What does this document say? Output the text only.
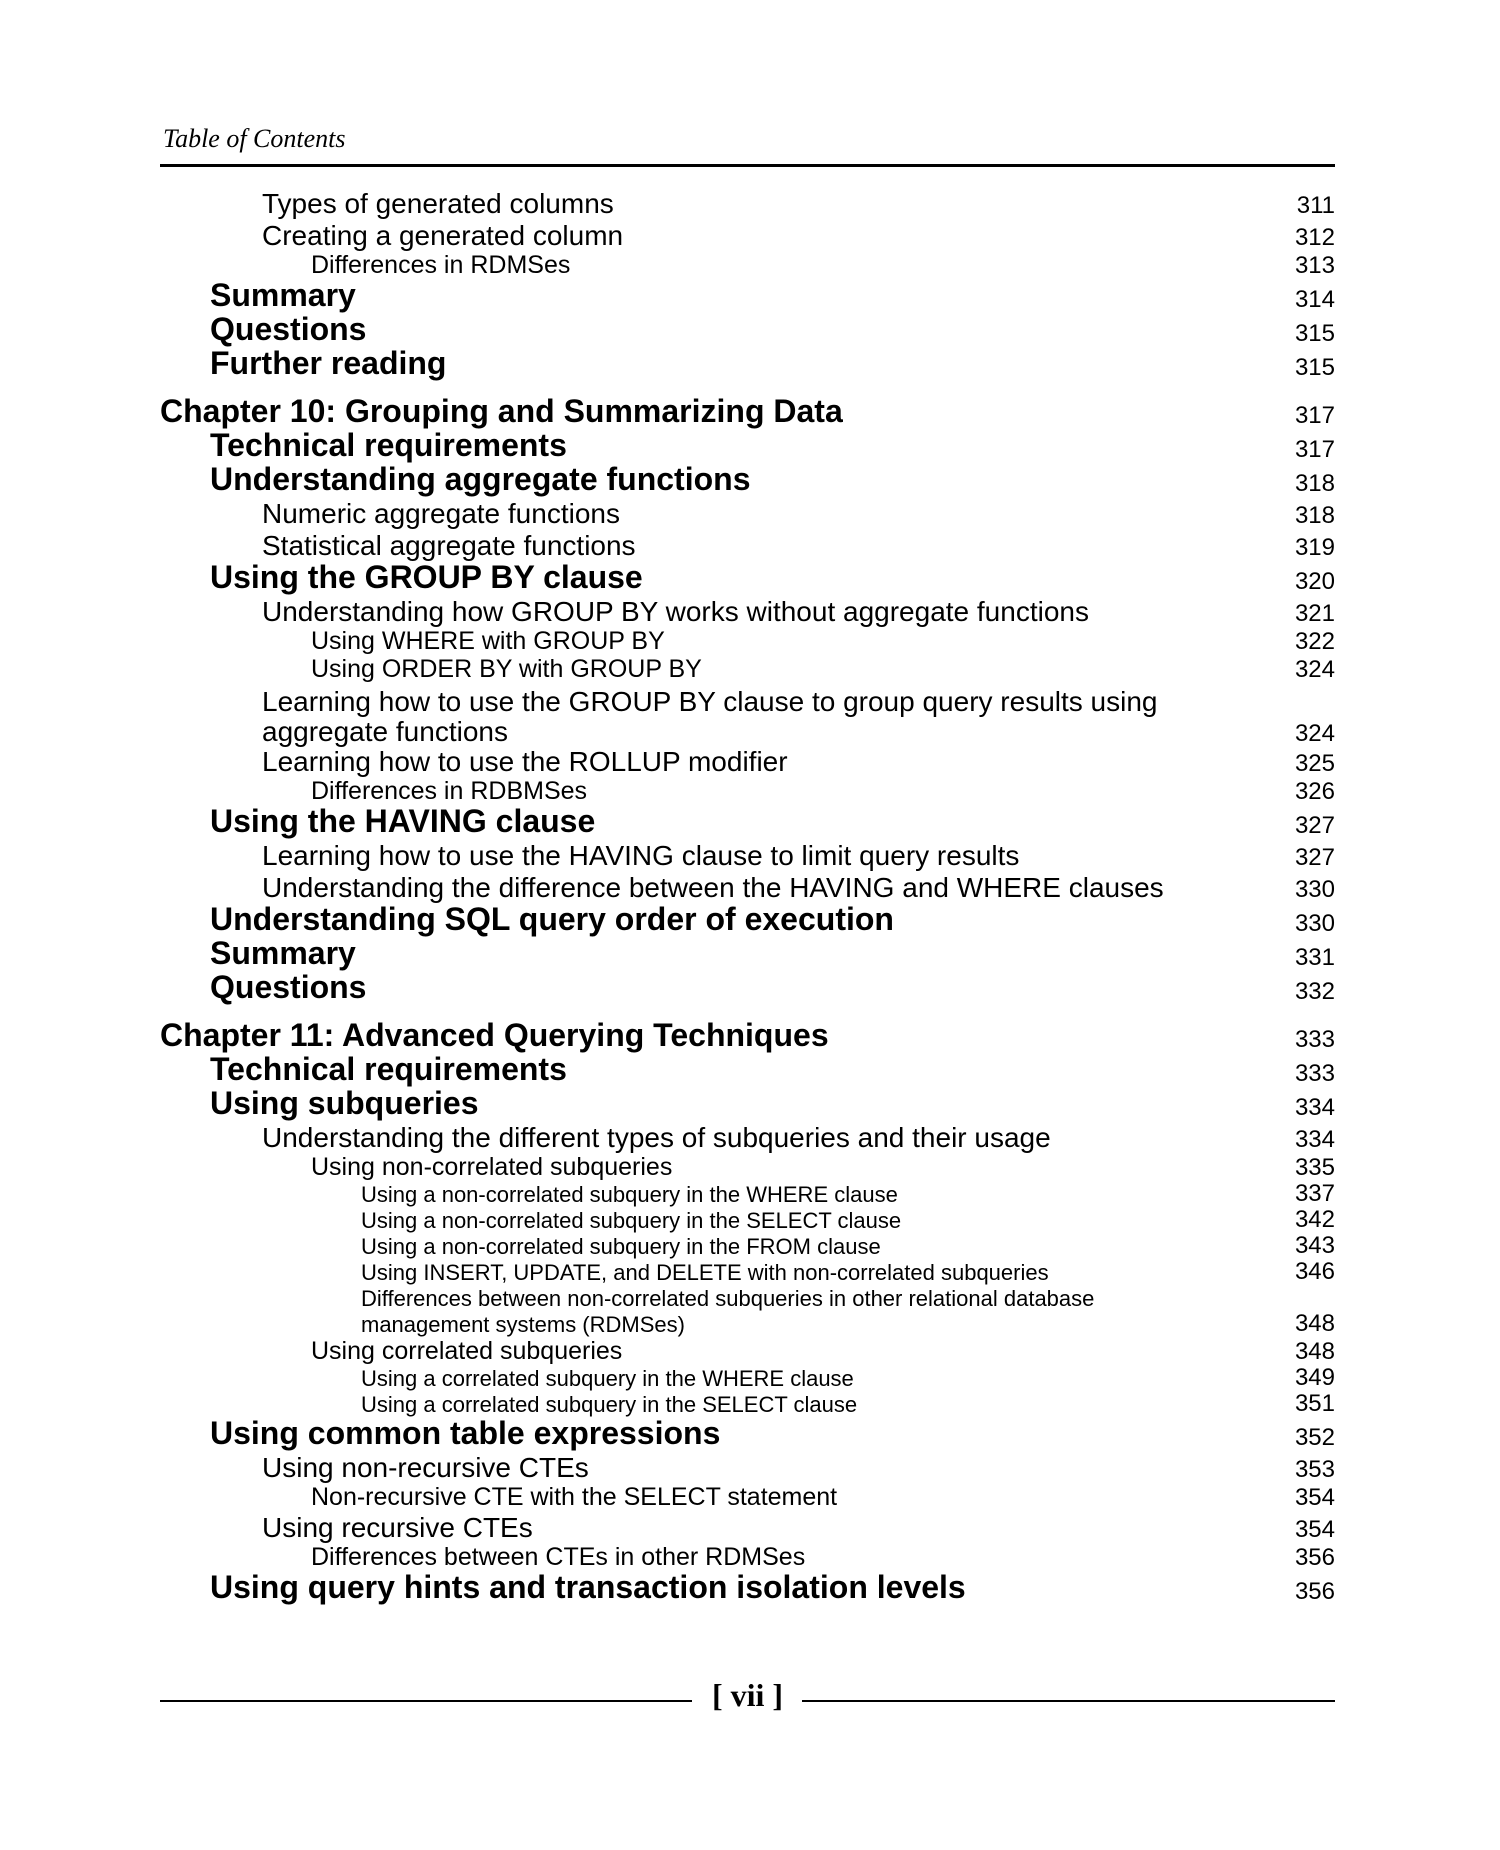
Table of Contents
Types of generated columns	311
Creating a generated column	312
Differences in RDMSes	313
Summary	314
Questions	315
Further reading	315
Chapter 10: Grouping and Summarizing Data	317
Technical requirements	317
Understanding aggregate functions	318
Numeric aggregate functions	318
Statistical aggregate functions	319
Using the GROUP BY clause	320
Understanding how GROUP BY works without aggregate functions	321
Using WHERE with GROUP BY	322
Using ORDER BY with GROUP BY	324
Learning how to use the GROUP BY clause to group query results using
aggregate functions	324
Learning how to use the ROLLUP modifier	325
Differences in RDBMSes	326
Using the HAVING clause	327
Learning how to use the HAVING clause to limit query results	327
Understanding the difference between the HAVING and WHERE clauses	330
Understanding SQL query order of execution	330
Summary	331
Questions	332
Chapter 11: Advanced Querying Techniques	333
Technical requirements	333
Using subqueries	334
Understanding the different types of subqueries and their usage	334
Using non-correlated subqueries	335
Using a non-correlated subquery in the WHERE clause	337
Using a non-correlated subquery in the SELECT clause	342
Using a non-correlated subquery in the FROM clause	343
Using INSERT, UPDATE, and DELETE with non-correlated subqueries	346
Differences between non-correlated subqueries in other relational database
management systems (RDMSes)	348
Using correlated subqueries	348
Using a correlated subquery in the WHERE clause	349
Using a correlated subquery in the SELECT clause	351
Using common table expressions	352
Using non-recursive CTEs	353
Non-recursive CTE with the SELECT statement	354
Using recursive CTEs	354
Differences between CTEs in other RDMSes	356
Using query hints and transaction isolation levels	356
[ vii ]
